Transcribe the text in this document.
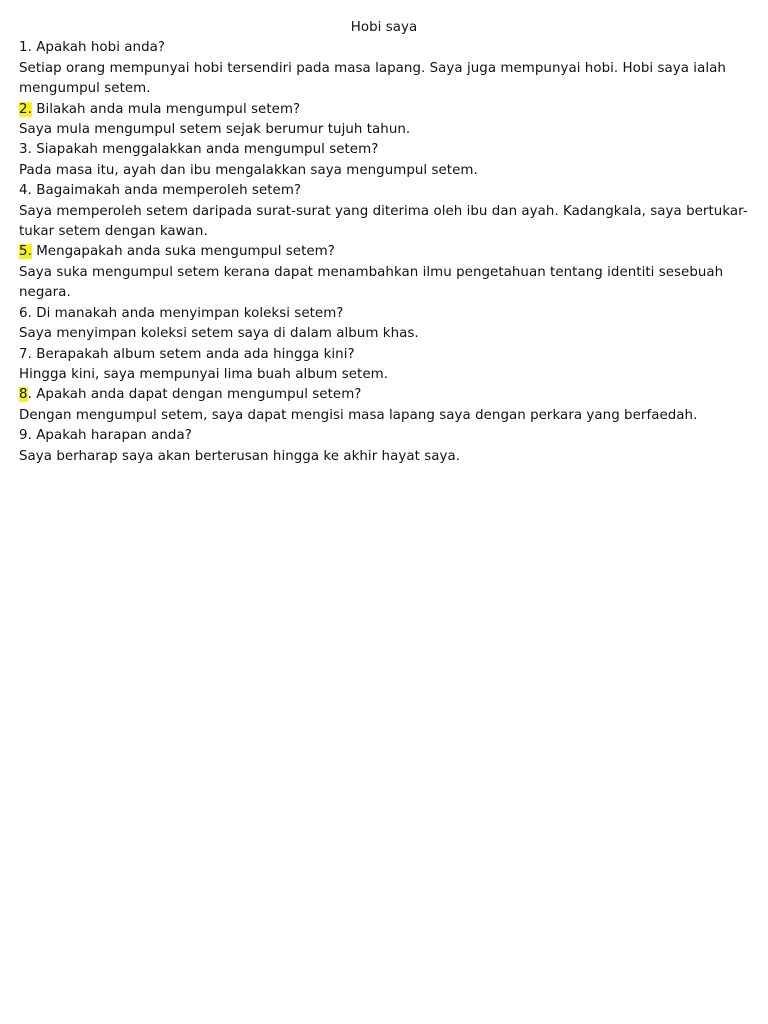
Hobi saya

1. Apakah hobi anda?

Setiap orang mempunyai hobi tersendiri pada masa lapang. Saya juga mempunyai hobi. Hobi saya ialah mengumpul setem.

2. Bilakah anda mula mengumpul setem?

Saya mula mengumpul setem sejak berumur tujuh tahun.

3. Siapakah menggalakkan anda mengumpul setem?

Pada masa itu, ayah dan ibu mengalakkan saya mengumpul setem.

4. Bagaimakah anda memperoleh setem?

Saya memperoleh setem daripada surat-surat yang diterima oleh ibu dan ayah. Kadangkala, saya bertukar-tukar setem dengan kawan.

5. Mengapakah anda suka mengumpul setem?

Saya suka mengumpul setem kerana dapat menambahkan ilmu pengetahuan tentang identiti sesebuah negara.

6. Di manakah anda menyimpan koleksi setem?

Saya menyimpan koleksi setem saya di dalam album khas.

7. Berapakah album setem anda ada hingga kini?

Hingga kini, saya mempunyai lima buah album setem.

8. Apakah anda dapat dengan mengumpul setem?

Dengan mengumpul setem, saya dapat mengisi masa lapang saya dengan perkara yang berfaedah.

9. Apakah harapan anda?

Saya berharap saya akan berterusan hingga ke akhir hayat saya.
